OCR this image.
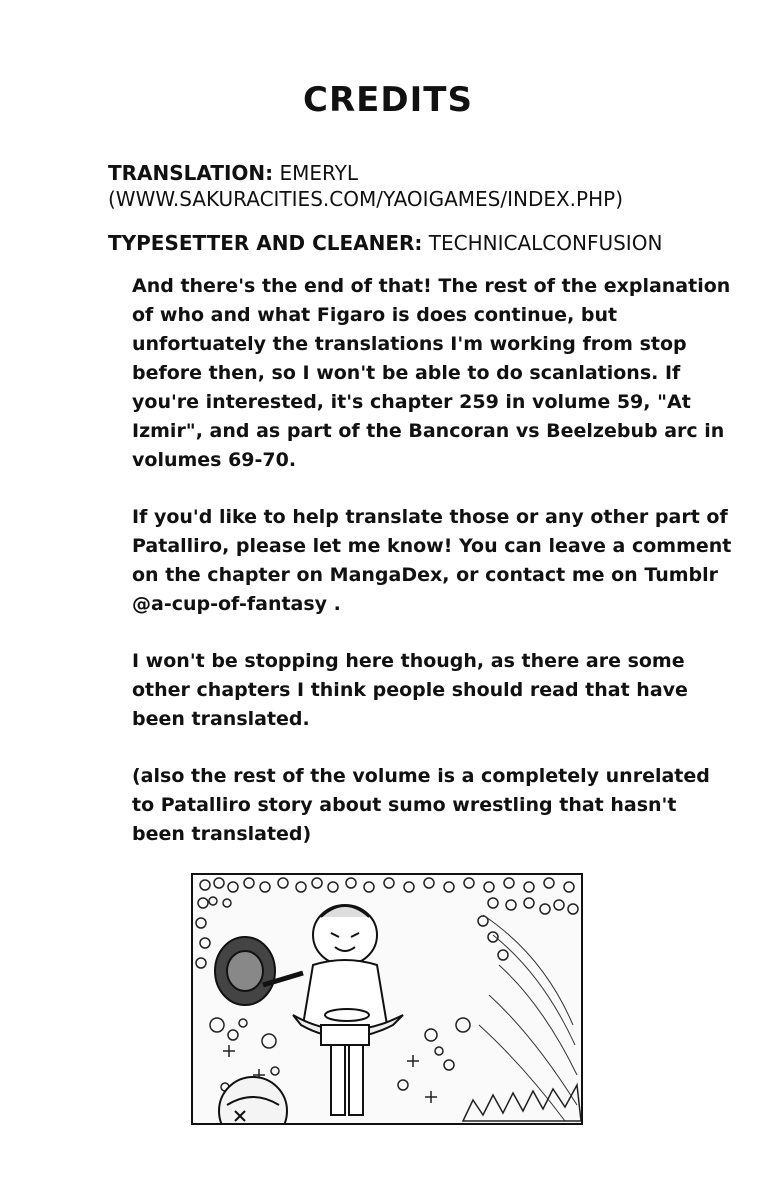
CREDITS

TRANSLATION: EMERYL

(WWW.SAKURACITIES.COM/YAOIGAMES/INDEX.PHP)

TYPESETTER AND CLEANER: TECHNICALCONFUSION

And there's the end of that! The rest of the explanation of who and what Figaro is does continue, but unfortuately the translations I'm working from stop before then, so I won't be able to do scanlations. If you're interested, it's chapter 259 in volume 59, "At Izmir", and as part of the Bancoran vs Beelzebub arc in volumes 69-70.

If you'd like to help translate those or any other part of Patalliro, please let me know! You can leave a comment on the chapter on MangaDex, or contact me on Tumblr @a-cup-of-fantasy .

I won't be stopping here though, as there are some other chapters I think people should read that have been translated.

(also the rest of the volume is a completely unrelated to Patalliro story about sumo wrestling that hasn't been translated)
